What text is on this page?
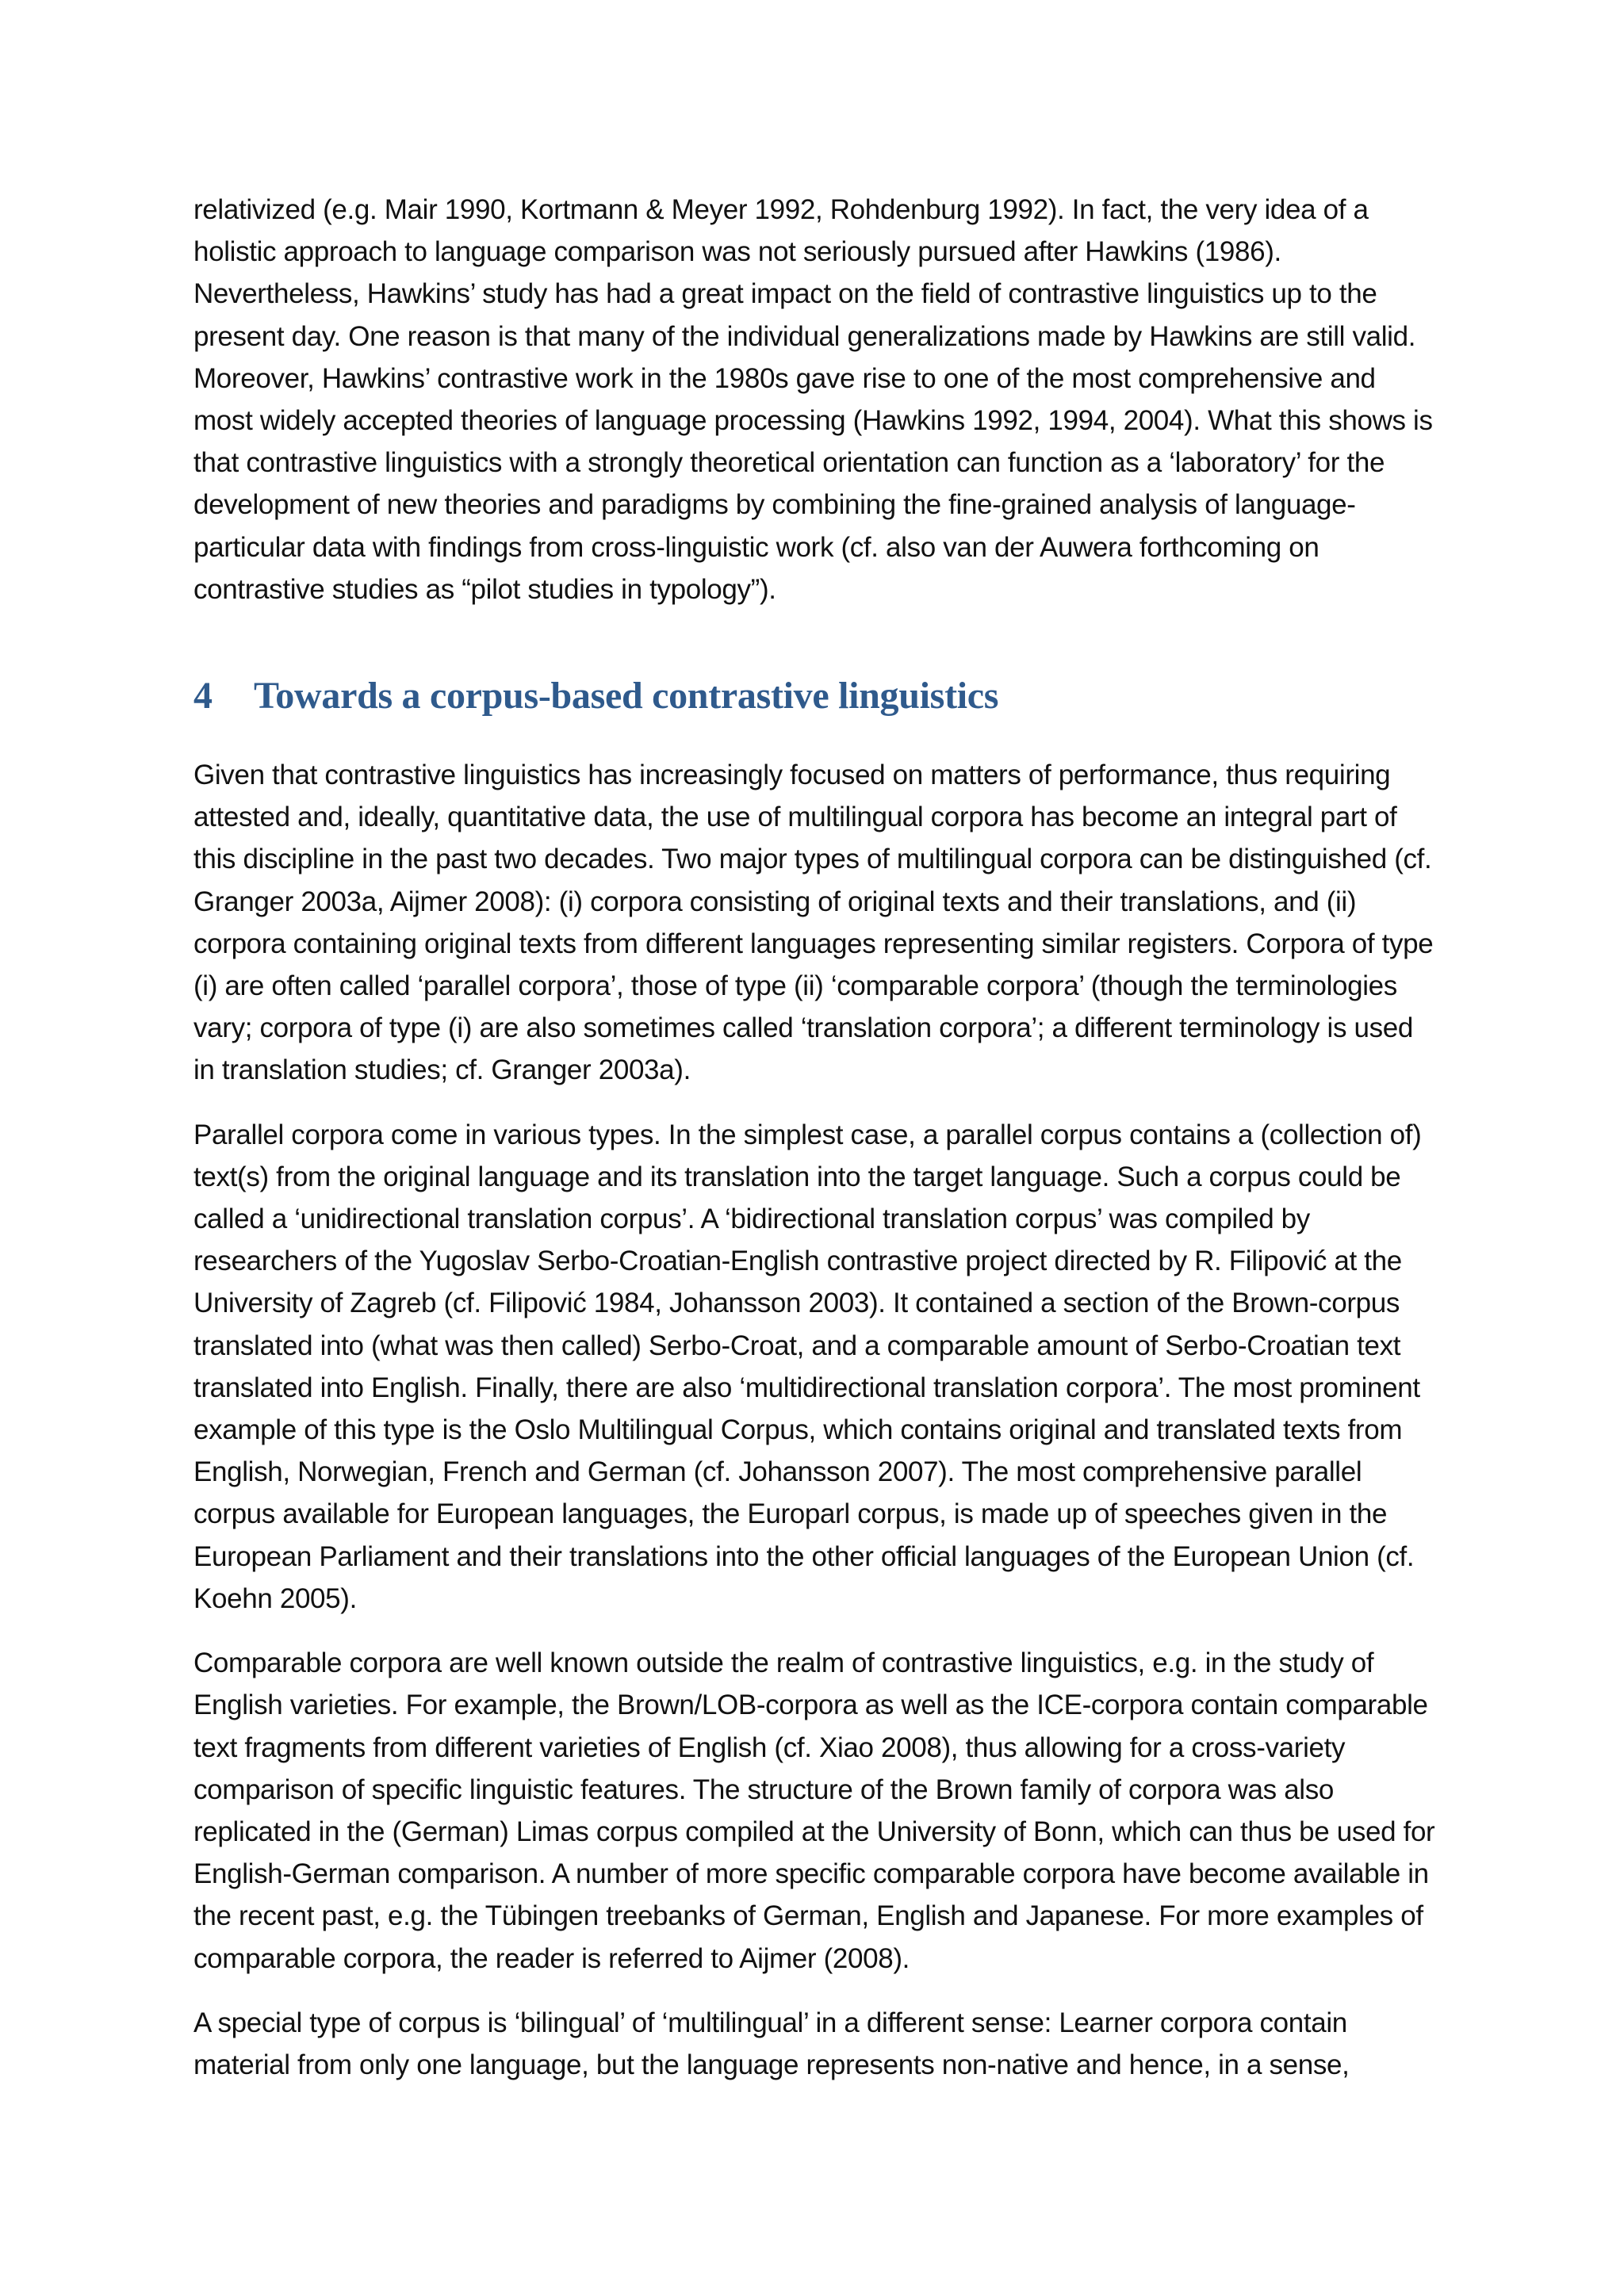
relativized (e.g. Mair 1990, Kortmann & Meyer 1992, Rohdenburg 1992). In fact, the very idea of a holistic approach to language comparison was not seriously pursued after Hawkins (1986). Nevertheless, Hawkins’ study has had a great impact on the field of contrastive linguistics up to the present day. One reason is that many of the individual generalizations made by Hawkins are still valid. Moreover, Hawkins’ contrastive work in the 1980s gave rise to one of the most comprehensive and most widely accepted theories of language processing (Hawkins 1992, 1994, 2004). What this shows is that contrastive linguistics with a strongly theoretical orientation can function as a ‘laboratory’ for the development of new theories and paradigms by combining the fine-grained analysis of language-particular data with findings from cross-linguistic work (cf. also van der Auwera forthcoming on contrastive studies as “pilot studies in typology”).

4	Towards a corpus-based contrastive linguistics

Given that contrastive linguistics has increasingly focused on matters of performance, thus requiring attested and, ideally, quantitative data, the use of multilingual corpora has become an integral part of this discipline in the past two decades. Two major types of multilingual corpora can be distinguished (cf. Granger 2003a, Aijmer 2008): (i) corpora consisting of original texts and their translations, and (ii) corpora containing original texts from different languages representing similar registers. Corpora of type (i) are often called ‘parallel corpora’, those of type (ii) ‘comparable corpora’ (though the terminologies vary; corpora of type (i) are also sometimes called ‘translation corpora’; a different terminology is used in translation studies; cf. Granger 2003a).

Parallel corpora come in various types. In the simplest case, a parallel corpus contains a (collection of) text(s) from the original language and its translation into the target language. Such a corpus could be called a ‘unidirectional translation corpus’. A ‘bidirectional translation corpus’ was compiled by researchers of the Yugoslav Serbo-Croatian-English contrastive project directed by R. Filipović at the University of Zagreb (cf. Filipović 1984, Johansson 2003). It contained a section of the Brown-corpus translated into (what was then called) Serbo-Croat, and a comparable amount of Serbo-Croatian text translated into English. Finally, there are also ‘multidirectional translation corpora’. The most prominent example of this type is the Oslo Multilingual Corpus, which contains original and translated texts from English, Norwegian, French and German (cf. Johansson 2007). The most comprehensive parallel corpus available for European languages, the Europarl corpus, is made up of speeches given in the European Parliament and their translations into the other official languages of the European Union (cf. Koehn 2005).

Comparable corpora are well known outside the realm of contrastive linguistics, e.g. in the study of English varieties. For example, the Brown/LOB-corpora as well as the ICE-corpora contain comparable text fragments from different varieties of English (cf. Xiao 2008), thus allowing for a cross-variety comparison of specific linguistic features. The structure of the Brown family of corpora was also replicated in the (German) Limas corpus compiled at the University of Bonn, which can thus be used for English-German comparison. A number of more specific comparable corpora have become available in the recent past, e.g. the Tübingen treebanks of German, English and Japanese. For more examples of comparable corpora, the reader is referred to Aijmer (2008).

A special type of corpus is ‘bilingual’ of ‘multilingual’ in a different sense: Learner corpora contain material from only one language, but the language represents non-native and hence, in a sense,
